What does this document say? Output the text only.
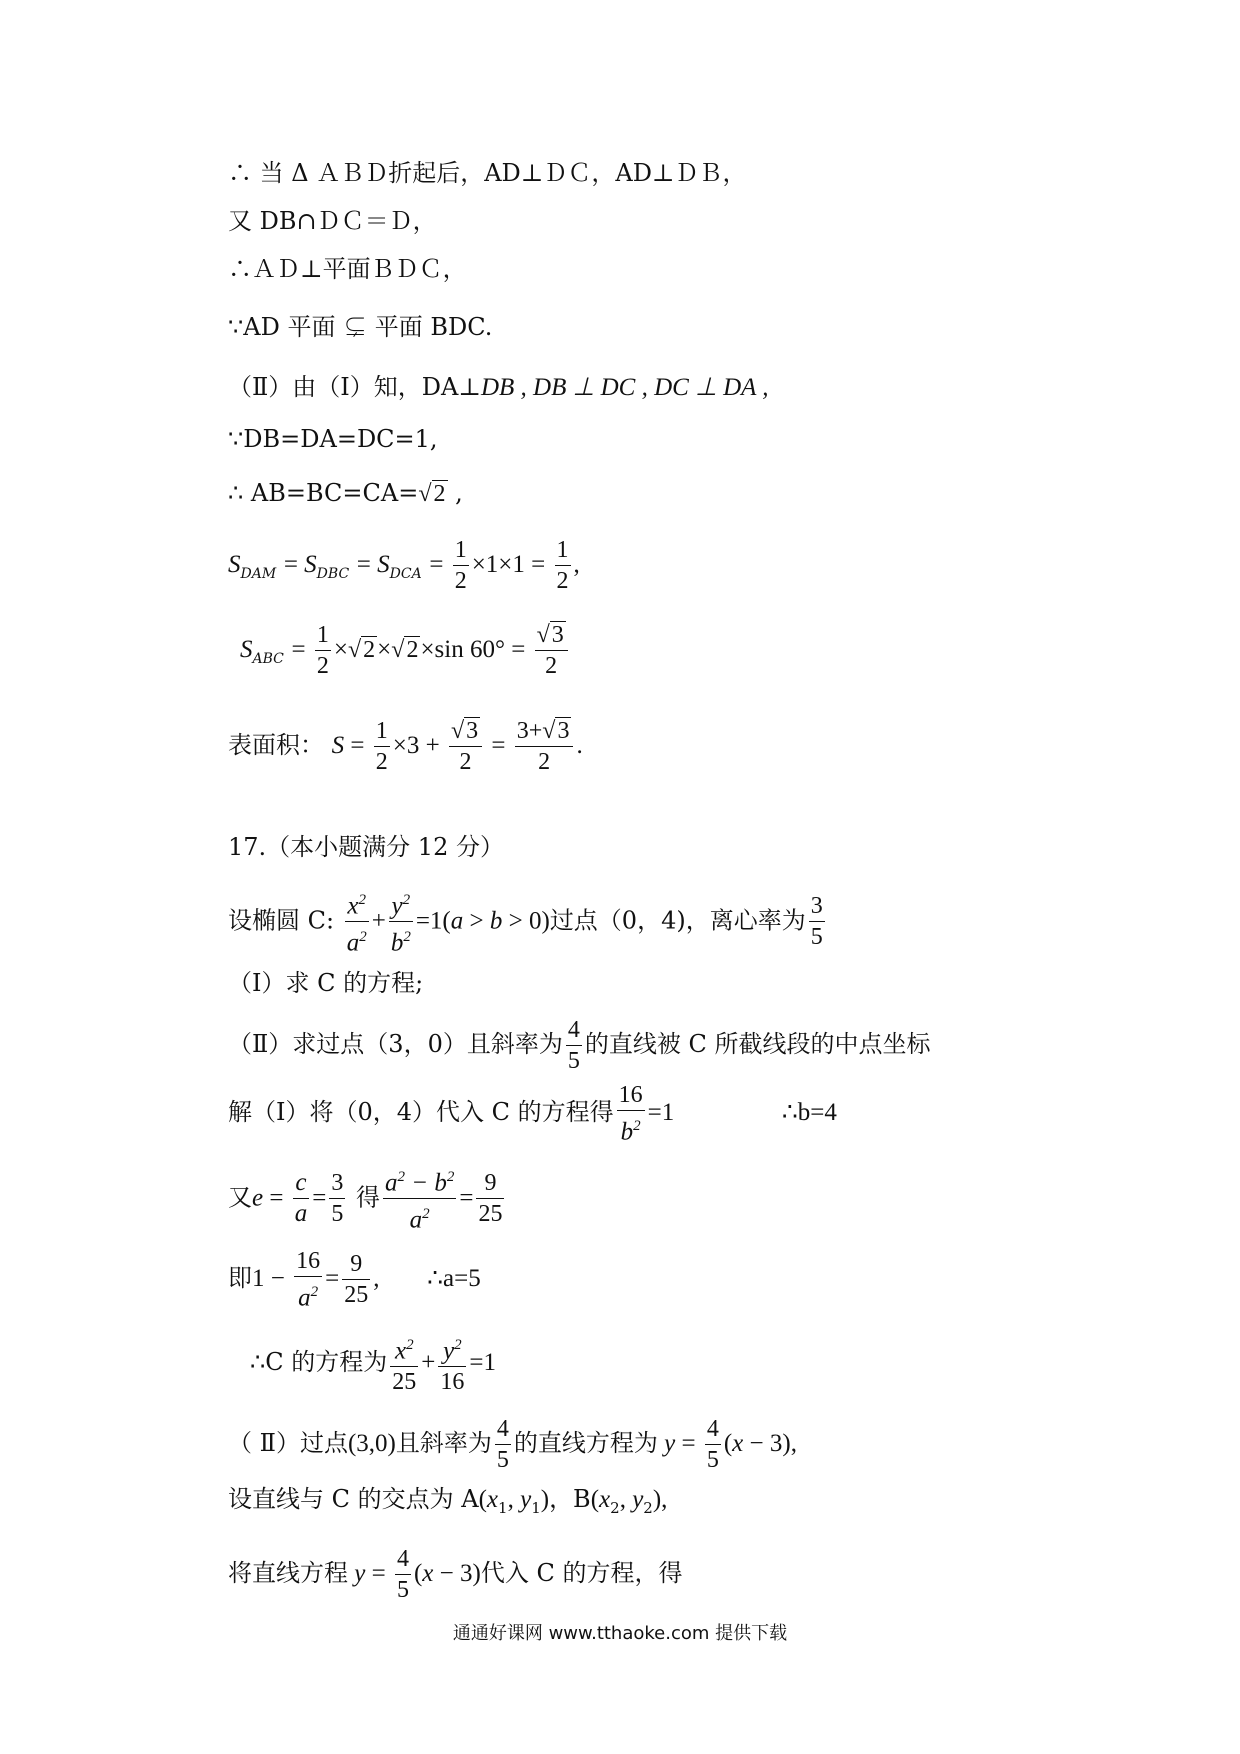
∴ 当 Δ ＡＢＤ折起后，AD⊥ＤＣ，AD⊥ＤＢ，
又 DB∩ＤＣ＝Ｄ，
∴ＡＤ⊥平面ＢＤＣ，
∵AD 平面 ⊊ 平面 BDC.
（Ⅱ）由（Ⅰ）知，DA⊥DB , DB ⊥ DC , DC ⊥ DA ,
∵DB=DA=DC=1,
∴ AB=BC=CA=√2 ,
$S_{DAM} = S_{DBC} = S_{DCA} = \frac{1}{2} \times 1\times 1 = \frac{1}{2}$ ,
$S_{ABC} = \frac{1}{2} \times√2\times√2\times\sin$ $60^\circ = \frac{√3}{2}$
表面积： $S = \frac{1}{2} \times 3 + \frac{√3}{2} = \frac{3+√3}{2}$ .
17.（本小题满分 12 分）
设椭圆 C: $\frac{x^2}{a^2} + \frac{y^2}{b^2} =1(a > b > 0)$过点（0，4)，离心率为 $\frac{3}{5}$
（Ⅰ）求 C 的方程;
（Ⅱ）求过点（3，0）且斜率为 $\frac{4}{5}$ 的直线被 C 所截线段的中点坐标
解（Ⅰ）将（0，4）代入 C 的方程得 $\frac{16}{b^2} =1$	∴b=4
又$e = \frac{c}{a} = \frac{3}{5}$ 得 $\frac{a^2 - b^2}{a^2} = \frac{9}{25}$
即$1 - \frac{16}{a^2} = \frac{9}{25}$ , ∴a=5
∴C 的方程为 $\frac{x^2}{25} + \frac{y^2}{16} =1$
（ Ⅱ）过点(3,0)且斜率为 $\frac{4}{5}$ 的直线方程为 $y = \frac{4}{5} (x - 3)$,
设直线与 C 的交点为 $A(x_1$, $y_1$)，$B(x_2$, $y_2$),
将直线方程 $y = \frac{4}{5} (x - 3)$代入 C 的方程，得
通通好课网 www.tthaoke.com 提供下载
